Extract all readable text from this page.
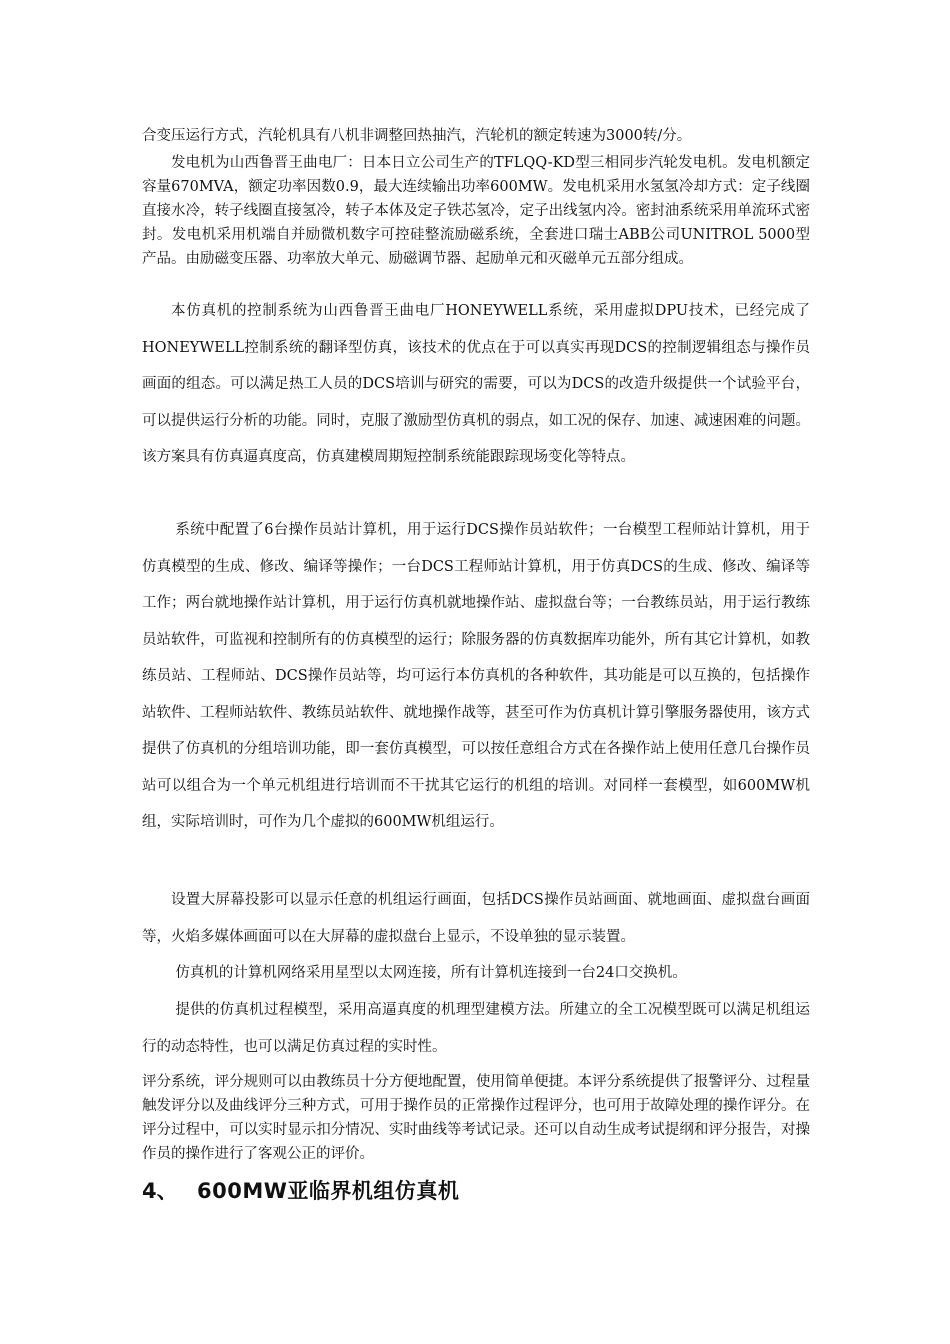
合变压运行方式，汽轮机具有八机非调整回热抽汽，汽轮机的额定转速为3000转/分。

发电机为山西鲁晋王曲电厂：日本日立公司生产的TFLQQ-KD型三相同步汽轮发电机。发电机额定容量670MVA，额定功率因数0.9，最大连续输出功率600MW。发电机采用水氢氢冷却方式：定子线圈直接水冷，转子线圈直接氢冷，转子本体及定子铁芯氢冷，定子出线氢内冷。密封油系统采用单流环式密封。发电机采用机端自并励微机数字可控硅整流励磁系统，全套进口瑞士ABB公司UNITROL 5000型产品。由励磁变压器、功率放大单元、励磁调节器、起励单元和灭磁单元五部分组成。

本仿真机的控制系统为山西鲁晋王曲电厂HONEYWELL系统，采用虚拟DPU技术，已经完成了HONEYWELL控制系统的翻译型仿真，该技术的优点在于可以真实再现DCS的控制逻辑组态与操作员画面的组态。可以满足热工人员的DCS培训与研究的需要，可以为DCS的改造升级提供一个试验平台，可以提供运行分析的功能。同时，克服了激励型仿真机的弱点，如工况的保存、加速、减速困难的问题。该方案具有仿真逼真度高，仿真建模周期短控制系统能跟踪现场变化等特点。

系统中配置了6台操作员站计算机，用于运行DCS操作员站软件；一台模型工程师站计算机，用于仿真模型的生成、修改、编译等操作；一台DCS工程师站计算机，用于仿真DCS的生成、修改、编译等工作；两台就地操作站计算机，用于运行仿真机就地操作站、虚拟盘台等；一台教练员站，用于运行教练员站软件，可监视和控制所有的仿真模型的运行；除服务器的仿真数据库功能外，所有其它计算机，如教练员站、工程师站、DCS操作员站等，均可运行本仿真机的各种软件，其功能是可以互换的，包括操作站软件、工程师站软件、教练员站软件、就地操作战等，甚至可作为仿真机计算引擎服务器使用，该方式提供了仿真机的分组培训功能，即一套仿真模型，可以按任意组合方式在各操作站上使用任意几台操作员站可以组合为一个单元机组进行培训而不干扰其它运行的机组的培训。对同样一套模型，如600MW机组，实际培训时，可作为几个虚拟的600MW机组运行。

设置大屏幕投影可以显示任意的机组运行画面，包括DCS操作员站画面、就地画面、虚拟盘台画面等，火焰多媒体画面可以在大屏幕的虚拟盘台上显示，不设单独的显示装置。

仿真机的计算机网络采用星型以太网连接，所有计算机连接到一台24口交换机。

提供的仿真机过程模型，采用高逼真度的机理型建模方法。所建立的全工况模型既可以满足机组运行的动态特性，也可以满足仿真过程的实时性。

评分系统，评分规则可以由教练员十分方便地配置，使用简单便捷。本评分系统提供了报警评分、过程量触发评分以及曲线评分三种方式，可用于操作员的正常操作过程评分，也可用于故障处理的操作评分。在评分过程中，可以实时显示扣分情况、实时曲线等考试记录。还可以自动生成考试提纲和评分报告，对操作员的操作进行了客观公正的评价。

4、 600MW亚临界机组仿真机
